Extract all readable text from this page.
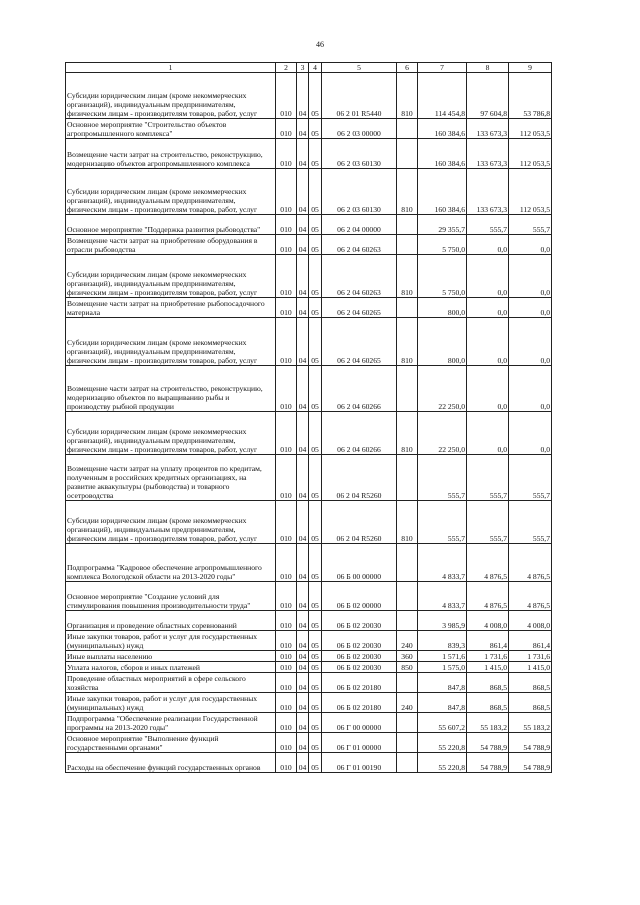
46
1	2	3	4	5	6	7	8	9
Субсидии юридическим лицам (кроме некоммерческих организаций), индивидуальным предпринимателям, физическим лицам - производителям товаров, работ, услуг	010	04	05	06 2 01 R5440	810	114 454,8	97 604,8	53 786,8
Основное мероприятие "Строительство объектов агропромышленного комплекса"	010	04	05	06 2 03 00000		160 384,6	133 673,3	112 053,5
Возмещение части затрат на строительство, реконструкцию, модернизацию объектов агропромышленного комплекса	010	04	05	06 2 03 60130		160 384,6	133 673,3	112 053,5
Субсидии юридическим лицам (кроме некоммерческих организаций), индивидуальным предпринимателям, физическим лицам - производителям товаров, работ, услуг	010	04	05	06 2 03 60130	810	160 384,6	133 673,3	112 053,5
Основное мероприятие "Поддержка развития рыбоводства"	010	04	05	06 2 04 00000		29 355,7	555,7	555,7
Возмещение части затрат на приобретение оборудования в отрасли рыбоводства	010	04	05	06 2 04 60263		5 750,0	0,0	0,0
Субсидии юридическим лицам (кроме некоммерческих организаций), индивидуальным предпринимателям, физическим лицам - производителям товаров, работ, услуг	010	04	05	06 2 04 60263	810	5 750,0	0,0	0,0
Возмещение части затрат на приобретение рыбопосадочного материала	010	04	05	06 2 04 60265		800,0	0,0	0,0
Субсидии юридическим лицам (кроме некоммерческих организаций), индивидуальным предпринимателям, физическим лицам - производителям товаров, работ, услуг	010	04	05	06 2 04 60265	810	800,0	0,0	0,0
Возмещение части затрат на строительство, реконструкцию, модернизацию объектов по выращиванию рыбы и производству рыбной продукции	010	04	05	06 2 04 60266		22 250,0	0,0	0,0
Субсидии юридическим лицам (кроме некоммерческих организаций), индивидуальным предпринимателям, физическим лицам - производителям товаров, работ, услуг	010	04	05	06 2 04 60266	810	22 250,0	0,0	0,0
Возмещение части затрат на уплату процентов по кредитам, полученным в российских кредитных организациях, на развитие аквакультуры (рыбоводства) и товарного осетроводства	010	04	05	06 2 04 R5260		555,7	555,7	555,7
Субсидии юридическим лицам (кроме некоммерческих организаций), индивидуальным предпринимателям, физическим лицам - производителям товаров, работ, услуг	010	04	05	06 2 04 R5260	810	555,7	555,7	555,7
Подпрограмма "Кадровое обеспечение агропромышленного комплекса Вологодской области на 2013-2020 годы"	010	04	05	06 Б 00 00000		4 833,7	4 876,5	4 876,5
Основное мероприятие "Создание условий для стимулирования повышения производительности труда"	010	04	05	06 Б 02 00000		4 833,7	4 876,5	4 876,5
Организация и проведение областных соревнований	010	04	05	06 Б 02 20030		3 985,9	4 008,0	4 008,0
Иные закупки товаров, работ и услуг для государственных (муниципальных) нужд	010	04	05	06 Б 02 20030	240	839,3	861,4	861,4
Иные выплаты населению	010	04	05	06 Б 02 20030	360	1 571,6	1 731,6	1 731,6
Уплата налогов, сборов и иных платежей	010	04	05	06 Б 02 20030	850	1 575,0	1 415,0	1 415,0
Проведение областных мероприятий в сфере сельского хозяйства	010	04	05	06 Б 02 20180		847,8	868,5	868,5
Иные закупки товаров, работ и услуг для государственных (муниципальных) нужд	010	04	05	06 Б 02 20180	240	847,8	868,5	868,5
Подпрограмма "Обеспечение реализации Государственной программы на 2013-2020 годы"	010	04	05	06 Г 00 00000		55 607,2	55 183,2	55 183,2
Основное мероприятие "Выполнение функций государственными органами"	010	04	05	06 Г 01 00000		55 220,8	54 788,9	54 788,9
Расходы на обеспечение функций государственных органов	010	04	05	06 Г 01 00190		55 220,8	54 788,9	54 788,9
